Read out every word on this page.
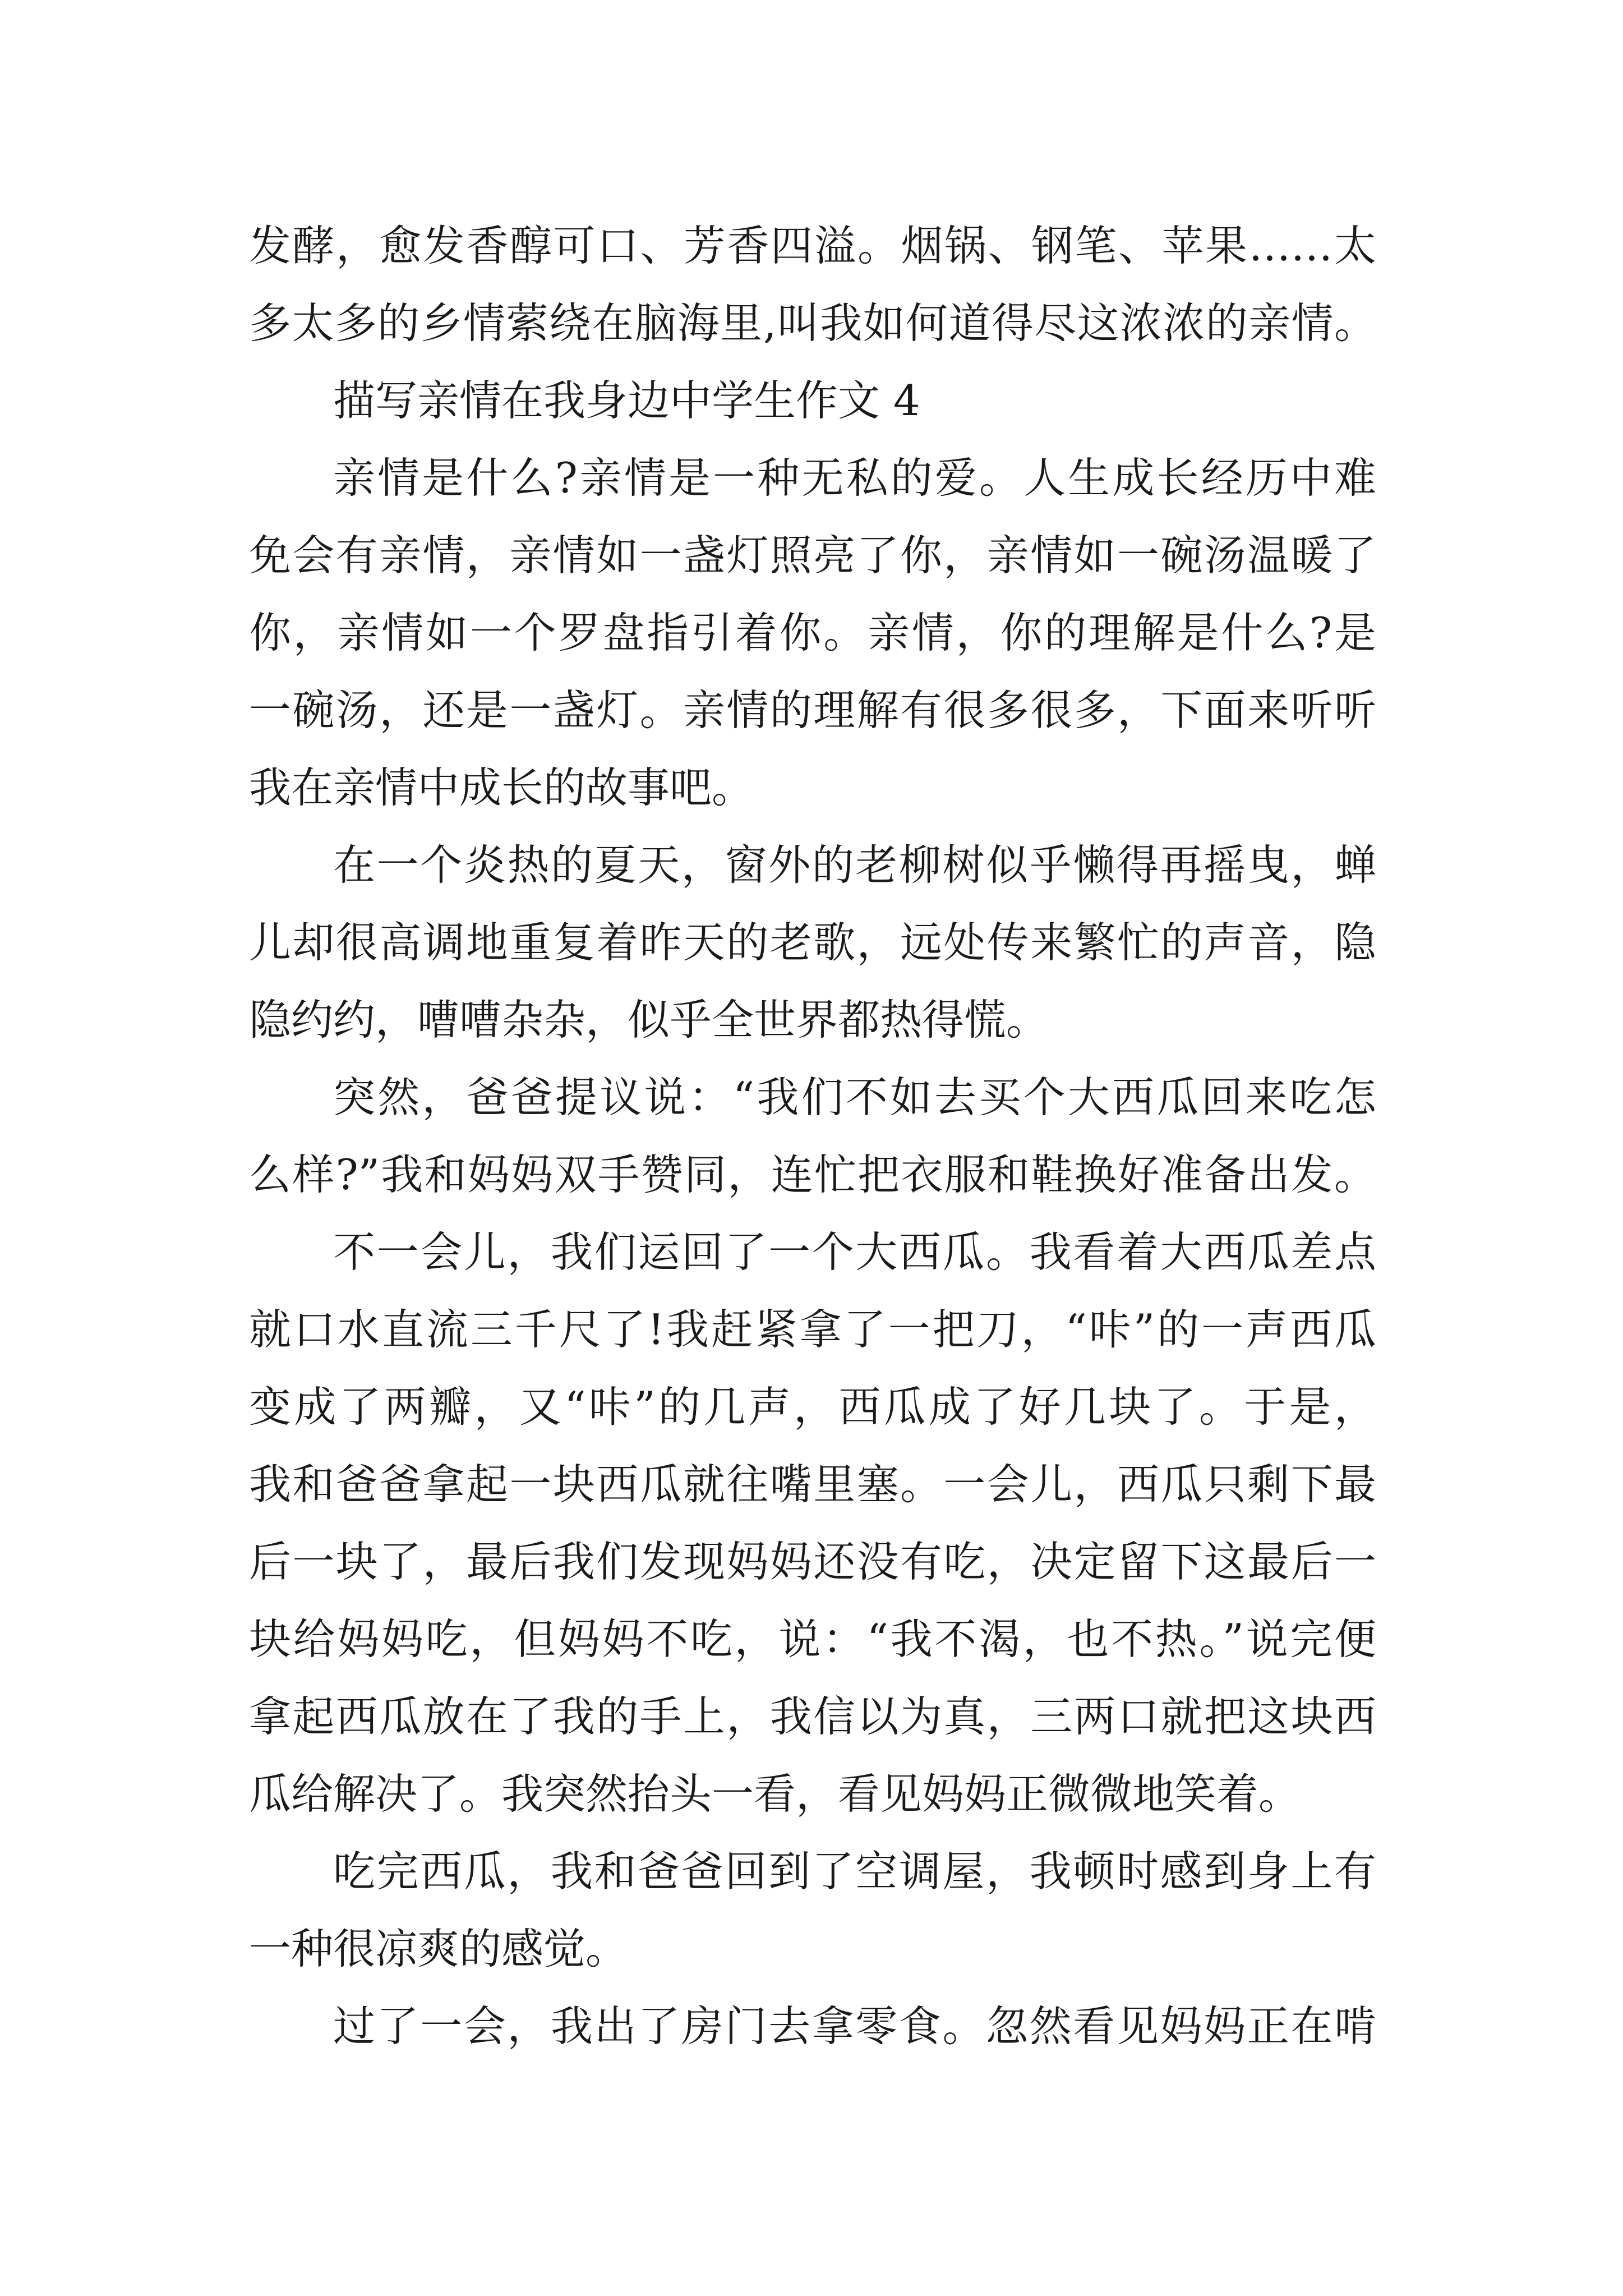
发酵，愈发香醇可口、芳香四溢。烟锅、钢笔、苹果……太
多太多的乡情萦绕在脑海里,叫我如何道得尽这浓浓的亲情。
描写亲情在我身边中学生作文 4
亲情是什么?亲情是一种无私的爱。人生成长经历中难
免会有亲情，亲情如一盏灯照亮了你，亲情如一碗汤温暖了
你，亲情如一个罗盘指引着你。亲情，你的理解是什么?是
一碗汤，还是一盏灯。亲情的理解有很多很多，下面来听听
我在亲情中成长的故事吧。
在一个炎热的夏天，窗外的老柳树似乎懒得再摇曳，蝉
儿却很高调地重复着昨天的老歌，远处传来繁忙的声音，隐
隐约约，嘈嘈杂杂，似乎全世界都热得慌。
突然，爸爸提议说：“我们不如去买个大西瓜回来吃怎
么样?”我和妈妈双手赞同，连忙把衣服和鞋换好准备出发。
不一会儿，我们运回了一个大西瓜。我看着大西瓜差点
就口水直流三千尺了!我赶紧拿了一把刀，“咔”的一声西瓜
变成了两瓣，又“咔”的几声，西瓜成了好几块了。于是，
我和爸爸拿起一块西瓜就往嘴里塞。一会儿，西瓜只剩下最
后一块了，最后我们发现妈妈还没有吃，决定留下这最后一
块给妈妈吃，但妈妈不吃，说：“我不渴，也不热。”说完便
拿起西瓜放在了我的手上，我信以为真，三两口就把这块西
瓜给解决了。我突然抬头一看，看见妈妈正微微地笑着。
吃完西瓜，我和爸爸回到了空调屋，我顿时感到身上有
一种很凉爽的感觉。
过了一会，我出了房门去拿零食。忽然看见妈妈正在啃
